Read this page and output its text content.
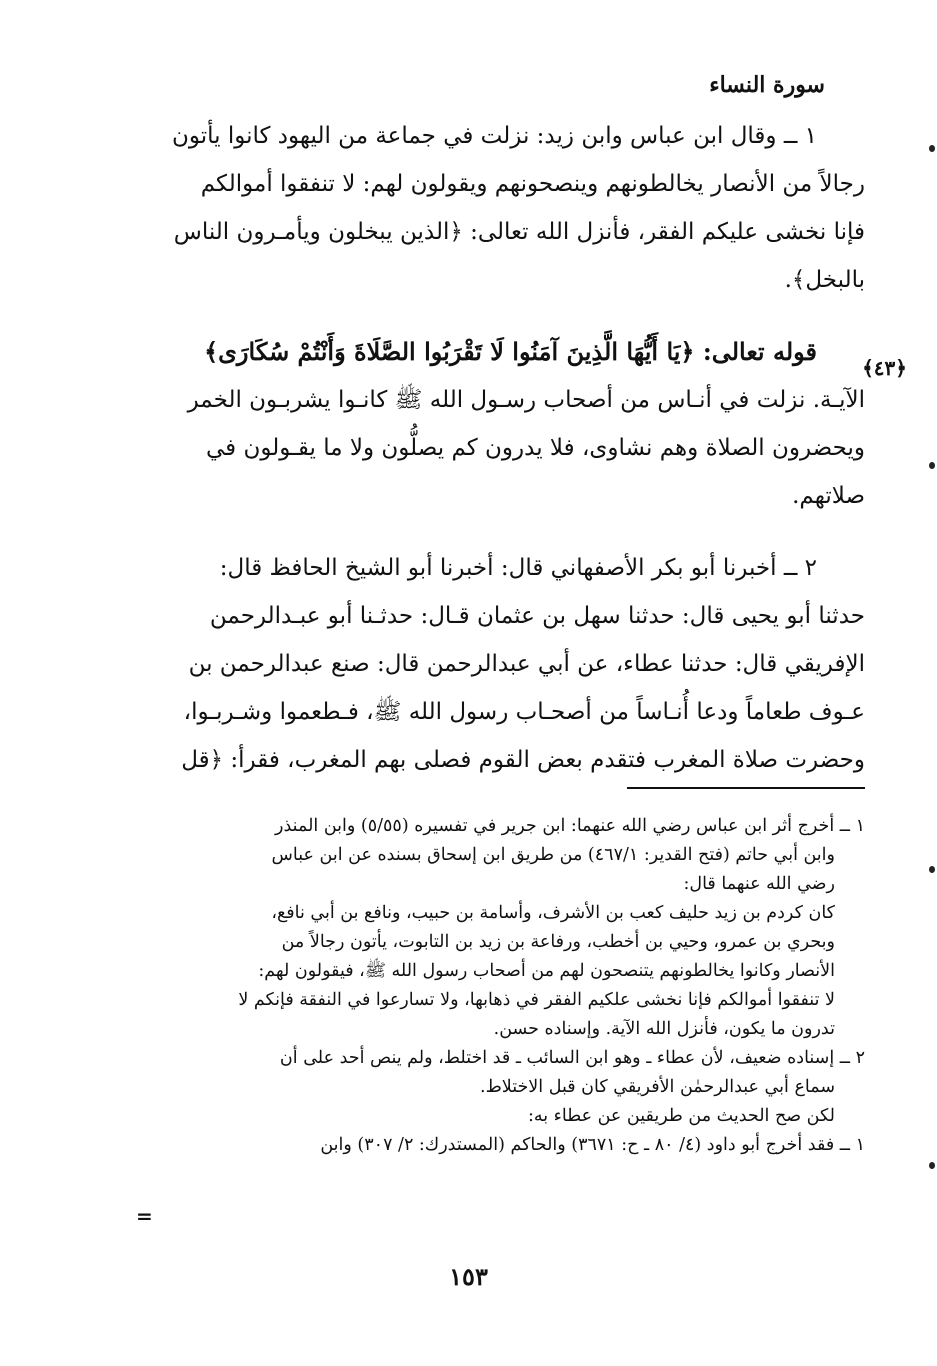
سورة النساء

١ ــ وقال ابن عباس وابن زيد: نزلت في جماعة من اليهود كانوا يأتون
رجالاً من الأنصار يخالطونهم وينصحونهم ويقولون لهم: لا تنفقوا أموالكم
فإنا نخشى عليكم الفقر، فأنزل الله تعالى: ﴿الذين يبخلون ويأمـرون الناس
بالبخل﴾.

قوله تعالى: ﴿يَا أَيُّهَا الَّذِينَ آمَنُوا لَا تَقْرَبُوا الصَّلَاةَ وَأَنْتُمْ سُكَارَى﴾
الآيـة. نزلت في أنـاس من أصحاب رسـول الله ﷺ كانـوا يشربـون الخمر
ويحضرون الصلاة وهم نشاوى، فلا يدرون كم يصلُّون ولا ما يقـولون في
صلاتهم.

٢ ــ أخبرنا أبو بكر الأصفهاني قال: أخبرنا أبو الشيخ الحافظ قال:
حدثنا أبو يحيى قال: حدثنا سهل بن عثمان قـال: حدثـنا أبو عبـدالرحمن
الإفريقي قال: حدثنا عطاء، عن أبي عبدالرحمن قال: صنع عبدالرحمن بن
عـوف طعاماً ودعا أُنـاساً من أصحـاب رسول الله ﷺ، فـطعموا وشـربـوا،
وحضرت صلاة المغرب فتقدم بعض القوم فصلى بهم المغرب، فقرأ: ﴿قل

﴿٤٣﴾

١ ــ أخرج أثر ابن عباس رضي الله عنهما: ابن جرير في تفسيره (٥/٥٥) وابن المنذر
وابن أبي حاتم (فتح القدير: ٤٦٧/١) من طريق ابن إسحاق بسنده عن ابن عباس
رضي الله عنهما قال:
كان كردم بن زيد حليف كعب بن الأشرف، وأسامة بن حبيب، ونافع بن أبي نافع،
وبحري بن عمرو، وحيي بن أخطب، ورفاعة بن زيد بن التابوت، يأتون رجالاً من
الأنصار وكانوا يخالطونهم يتنصحون لهم من أصحاب رسول الله ﷺ، فيقولون لهم:
لا تنفقوا أموالكم فإنا نخشى علكيم الفقر في ذهابها، ولا تسارعوا في النفقة فإنكم لا
تدرون ما يكون، فأنزل الله الآية. وإسناده حسن.

٢ ــ إسناده ضعيف، لأن عطاء ـ وهو ابن السائب ـ قد اختلط، ولم ينص أحد على أن
سماع أبي عبدالرحمٰن الأفريقي كان قبل الاختلاط.
لكن صح الحديث من طريقين عن عطاء به:
١ ــ فقد أخرج أبو داود (٤/ ٨٠ ـ ح: ٣٦٧١) والحاكم (المستدرك: ٢/ ٣٠٧) وابن

=
١٥٣
